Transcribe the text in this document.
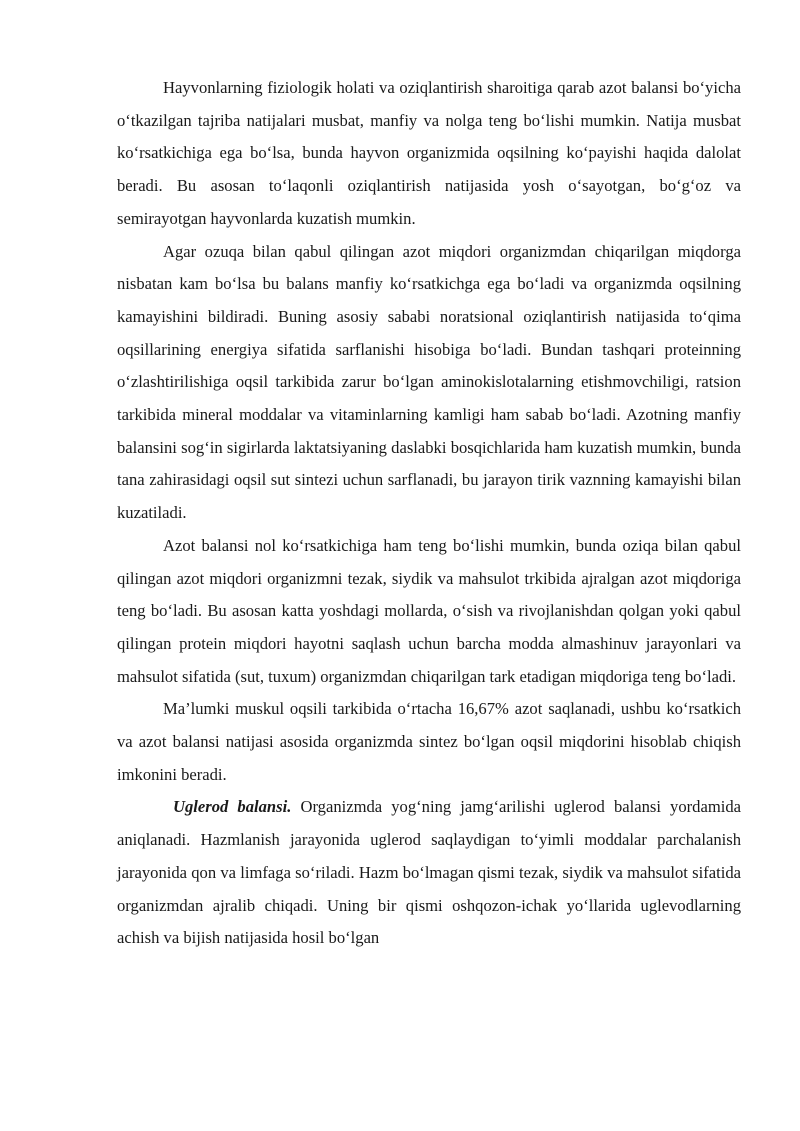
Hayvonlarning fiziologik holati va oziqlantirish sharoitiga qarab azot balansi bo‘yicha o‘tkazilgan tajriba natijalari musbat, manfiy va nolga teng bo‘lishi mumkin. Natija musbat ko‘rsatkichiga ega bo‘lsa, bunda hayvon organizmida oqsilning ko‘payishi haqida dalolat beradi. Bu asosan to‘laqonli oziqlantirish natijasida yosh o‘sayotgan, bo‘g‘oz va semirayotgan hayvonlarda kuzatish mumkin.

Agar ozuqa bilan qabul qilingan azot miqdori organizmdan chiqarilgan miqdorga nisbatan kam bo‘lsa bu balans manfiy ko‘rsatkichga ega bo‘ladi va organizmda oqsilning kamayishini bildiradi. Buning asosiy sababi noratsional oziqlantirish natijasida to‘qima oqsillarining energiya sifatida sarflanishi hisobiga bo‘ladi. Bundan tashqari proteinning o‘zlashtirilishiga oqsil tarkibida zarur bo‘lgan aminokislotalarning etishmovchiligi, ratsion tarkibida mineral moddalar va vitaminlarning kamligi ham sabab bo‘ladi. Azotning manfiy balansini sog‘in sigirlarda laktatsiyaning daslabki bosqichlarida ham kuzatish mumkin, bunda tana zahirasidagi oqsil sut sintezi uchun sarflanadi, bu jarayon tirik vaznning kamayishi bilan kuzatiladi.

Azot balansi nol ko‘rsatkichiga ham teng bo‘lishi mumkin, bunda oziqa bilan qabul qilingan azot miqdori organizmni tezak, siydik va mahsulot trkibida ajralgan azot miqdoriga teng bo‘ladi. Bu asosan katta yoshdagi mollarda, o‘sish va rivojlanishdan qolgan yoki qabul qilingan protein miqdori hayotni saqlash uchun barcha modda almashinuv jarayonlari va mahsulot sifatida (sut, tuxum) organizmdan chiqarilgan tark etadigan miqdoriga teng bo‘ladi.

Ma’lumki muskul oqsili tarkibida o‘rtacha 16,67% azot saqlanadi, ushbu ko‘rsatkich va azot balansi natijasi asosida organizmda sintez bo‘lgan oqsil miqdorini hisoblab chiqish imkonini beradi.

Uglerod balansi. Organizmda yog‘ning jamg‘arilishi uglerod balansi yordamida aniqlanadi. Hazmlanish jarayonida uglerod saqlaydigan to‘yimli moddalar parchalanish jarayonida qon va limfaga so‘riladi. Hazm bo‘lmagan qismi tezak, siydik va mahsulot sifatida organizmdan ajralib chiqadi. Uning bir qismi oshqozon-ichak yo‘llarida uglevodlarning achish va bijish natijasida hosil bo‘lgan
